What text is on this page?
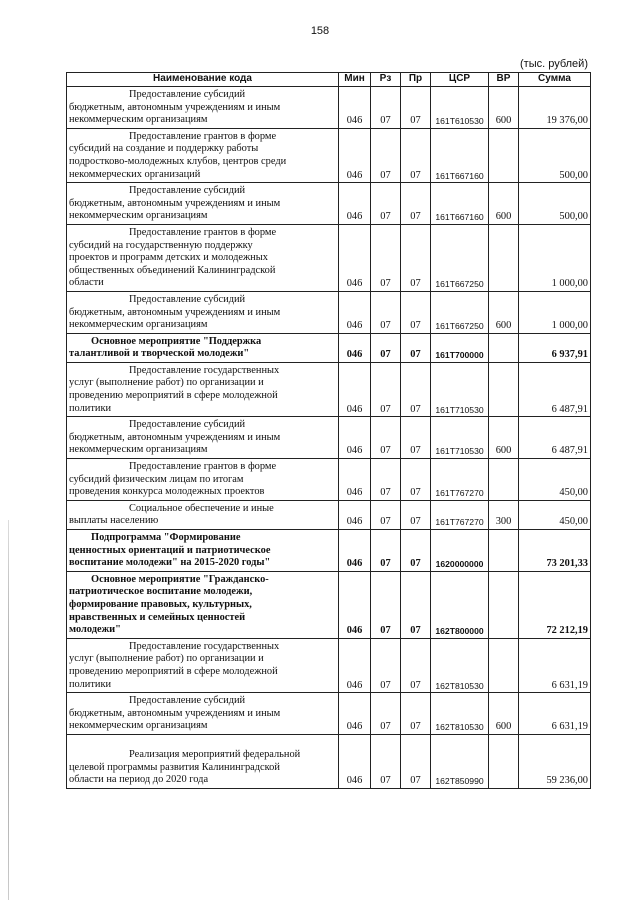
158
(тыс. рублей)
Наименование кода	Мин	Рз	Пр	ЦСР	ВР	Сумма

Предоставление субсидий
бюджетным, автономным учреждениям и иным
некоммерческим организациям	046	07	07	161Т610530	600	19 376,00

Предоставление грантов в форме
субсидий на создание и поддержку работы
подростково-молодежных клубов, центров среди
некоммерческих организаций	046	07	07	161Т667160		500,00

Предоставление субсидий
бюджетным, автономным учреждениям и иным
некоммерческим организациям	046	07	07	161Т667160	600	500,00

Предоставление грантов в форме
субсидий на государственную поддержку
проектов и программ детских и молодежных
общественных объединений Калининградской
области	046	07	07	161Т667250		1 000,00

Предоставление субсидий
бюджетным, автономным учреждениям и иным
некоммерческим организациям	046	07	07	161Т667250	600	1 000,00

Основное мероприятие "Поддержка
талантливой и творческой молодежи"	046	07	07	161Т700000		6 937,91

Предоставление государственных
услуг (выполнение работ) по организации и
проведению мероприятий в сфере молодежной
политики	046	07	07	161Т710530		6 487,91

Предоставление субсидий
бюджетным, автономным учреждениям и иным
некоммерческим организациям	046	07	07	161Т710530	600	6 487,91

Предоставление грантов в форме
субсидий физическим лицам по итогам
проведения конкурса молодежных проектов	046	07	07	161Т767270		450,00

Социальное обеспечение и иные
выплаты населению	046	07	07	161Т767270	300	450,00

Подпрограмма "Формирование
ценностных ориентаций и патриотическое
воспитание молодежи" на 2015-2020 годы"	046	07	07	1620000000		73 201,33

Основное мероприятие "Гражданско-
патриотическое воспитание молодежи,
формирование правовых, культурных,
нравственных и семейных ценностей
молодежи"	046	07	07	162Т800000		72 212,19

Предоставление государственных
услуг (выполнение работ) по организации и
проведению мероприятий в сфере молодежной
политики	046	07	07	162Т810530		6 631,19

Предоставление субсидий
бюджетным, автономным учреждениям и иным
некоммерческим организациям	046	07	07	162Т810530	600	6 631,19

Реализация мероприятий федеральной
целевой программы развития Калининградской
области на период до 2020 года	046	07	07	162Т850990		59 236,00
